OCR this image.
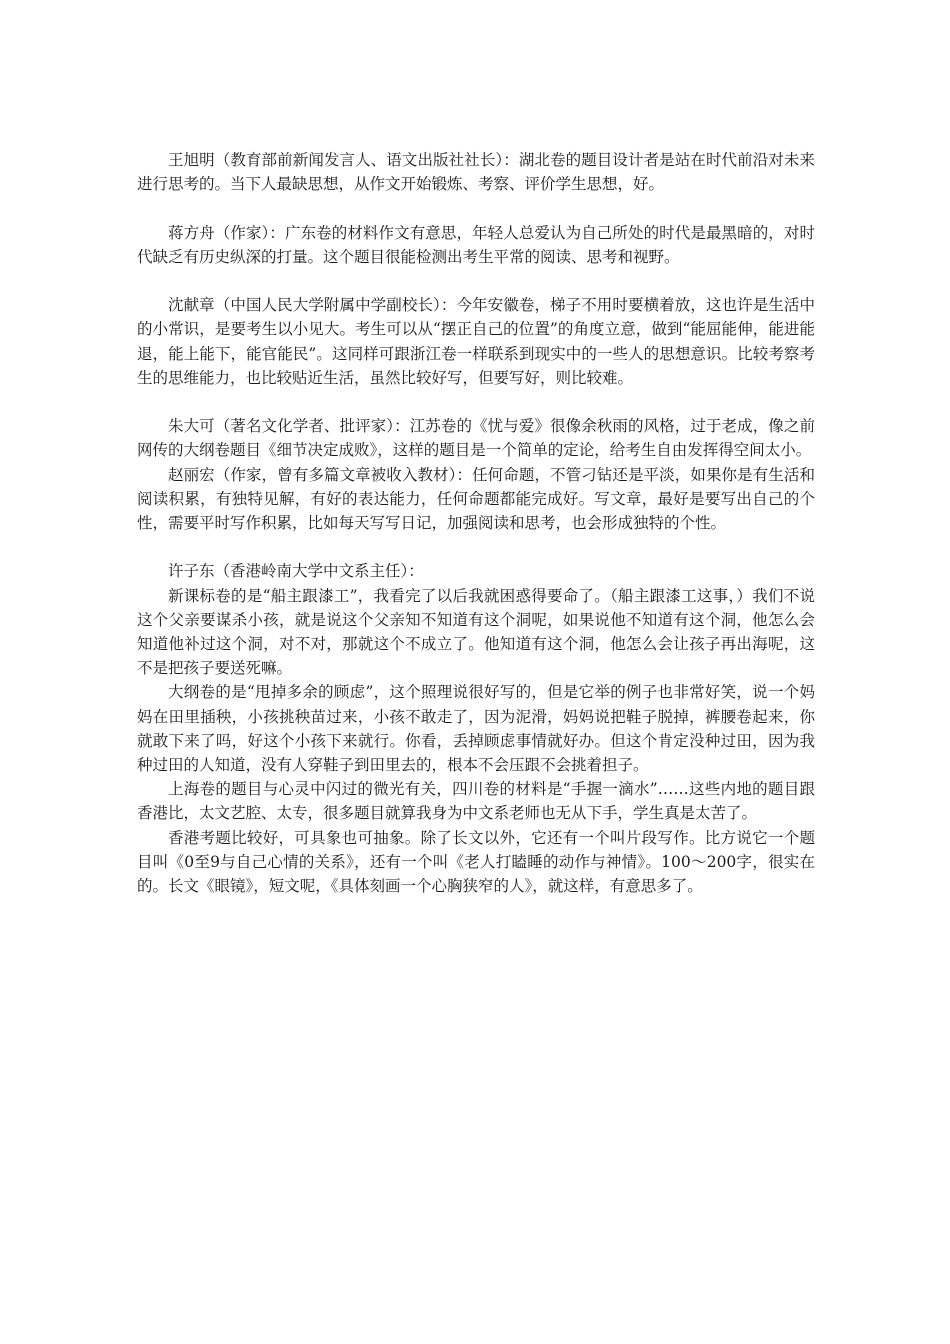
王旭明（教育部前新闻发言人、语文出版社社长）：湖北卷的题目设计者是站在时代前沿对未来进行思考的。当下人最缺思想，从作文开始锻炼、考察、评价学生思想，好。

蒋方舟（作家）：广东卷的材料作文有意思，年轻人总爱认为自己所处的时代是最黑暗的，对时代缺乏有历史纵深的打量。这个题目很能检测出考生平常的阅读、思考和视野。

沈献章（中国人民大学附属中学副校长）：今年安徽卷，梯子不用时要横着放，这也许是生活中的小常识，是要考生以小见大。考生可以从“摆正自己的位置”的角度立意，做到“能屈能伸，能进能退，能上能下，能官能民”。这同样可跟浙江卷一样联系到现实中的一些人的思想意识。比较考察考生的思维能力，也比较贴近生活，虽然比较好写，但要写好，则比较难。

朱大可（著名文化学者、批评家）：江苏卷的《忧与爱》很像余秋雨的风格，过于老成，像之前网传的大纲卷题目《细节决定成败》，这样的题目是一个简单的定论，给考生自由发挥得空间太小。

赵丽宏（作家，曾有多篇文章被收入教材）：任何命题，不管刁钻还是平淡，如果你是有生活和阅读积累，有独特见解，有好的表达能力，任何命题都能完成好。写文章，最好是要写出自己的个性，需要平时写作积累，比如每天写写日记，加强阅读和思考，也会形成独特的个性。

许子东（香港岭南大学中文系主任）：

新课标卷的是“船主跟漆工”，我看完了以后我就困惑得要命了。（船主跟漆工这事，）我们不说这个父亲要谋杀小孩，就是说这个父亲知不知道有这个洞呢，如果说他不知道有这个洞，他怎么会知道他补过这个洞，对不对，那就这个不成立了。他知道有这个洞，他怎么会让孩子再出海呢，这不是把孩子要送死嘛。

大纲卷的是“甩掉多余的顾虑”，这个照理说很好写的，但是它举的例子也非常好笑，说一个妈妈在田里插秧，小孩挑秧苗过来，小孩不敢走了，因为泥滑，妈妈说把鞋子脱掉，裤腰卷起来，你就敢下来了吗，好这个小孩下来就行。你看，丢掉顾虑事情就好办。但这个肯定没种过田，因为我种过田的人知道，没有人穿鞋子到田里去的，根本不会压跟不会挑着担子。

上海卷的题目与心灵中闪过的微光有关，四川卷的材料是“手握一滴水”……这些内地的题目跟香港比，太文艺腔、太专，很多题目就算我身为中文系老师也无从下手，学生真是太苦了。

香港考题比较好，可具象也可抽象。除了长文以外，它还有一个叫片段写作。比方说它一个题目叫《0至9与自己心情的关系》，还有一个叫《老人打瞌睡的动作与神情》。100～200字，很实在的。长文《眼镜》，短文呢，《具体刻画一个心胸狭窄的人》，就这样，有意思多了。
